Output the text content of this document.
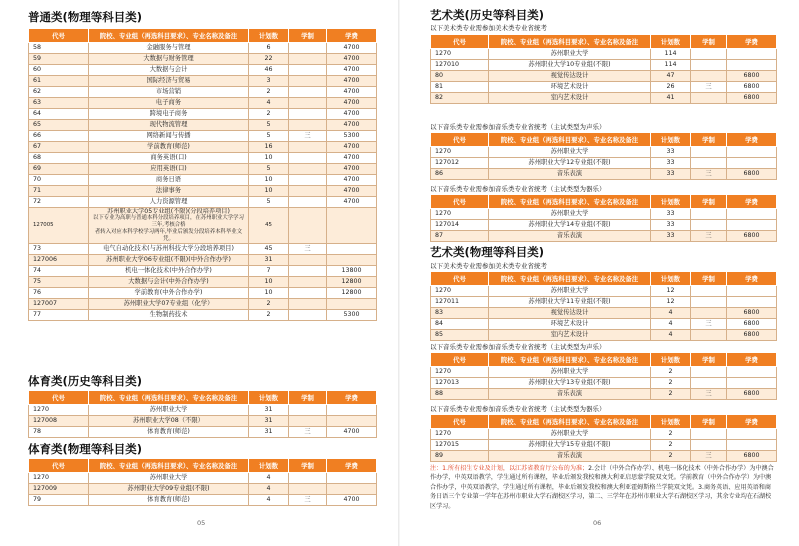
普通类(物理等科目类)
代号	院校、专业组（再选科目要求）、专业名称及备注	计划数	学制	学费
58	金融服务与管理	6		4700
59	大数据与财务管理	22		4700
60	大数据与会计	46		4700
61	国际经济与贸易	3		4700
62	市场营销	2		4700
63	电子商务	4		4700
64	跨境电子商务	2		4700
65	现代物流管理	5		4700
66	网络新闻与传播	5	三	5300
67	学前教育(师范)	16		4700
68	商务英语(口)	10		4700
69	应用英语(口)	5		4700
70	商务日语	10		4700
71	法律事务	10		4700
72	人力资源管理	5		4700
127005	苏州职业大学05专业组(不限)(分段培养项目)
以下专业为高职与普通本科分段培养项目，在苏州职业大学学习三年,考核合格
者转入对应本科学校学习两年,毕业后颁发分段培养本科毕业文凭。	45		
73	电气自动化技术(与苏州科技大学分段培养项目)	45	三	
127006	苏州职业大学06专业组(不限)(中外合作办学)	31		
74	机电一体化技术(中外合作办学)	7		13800
75	大数据与会计(中外合作办学)	10		12800
76	学前教育(中外合作办学)	10		12800
127007	苏州职业大学07专业组（化学）	2		
77	生物制药技术	2		5300
体育类(历史等科目类)
代号	院校、专业组（再选科目要求）、专业名称及备注	计划数	学制	学费
1270	苏州职业大学	31		
127008	苏州职业大学08（不限）	31		
78	体育教育(师范)	31	三	4700
体育类(物理等科目类)
代号	院校、专业组（再选科目要求）、专业名称及备注	计划数	学制	学费
1270	苏州职业大学	4		
127009	苏州职业大学09专业组(不限)	4		
79	体育教育(师范)	4	三	4700
05
艺术类(历史等科目类)
以下美术类专业需参加美术类专业省统考
代号	院校、专业组（再选科目要求）、专业名称及备注	计划数	学制	学费
1270	苏州职业大学	114		
127010	苏州职业大学10专业组(不限)	114		
80	视觉传达设计	47		6800
81	环境艺术设计	26	三	6800
82	室内艺术设计	41		6800
以下音乐类专业需参加音乐类专业省统考（主试类型为声乐）
代号	院校、专业组（再选科目要求）、专业名称及备注	计划数	学制	学费
1270	苏州职业大学	33		
127012	苏州职业大学12专业组(不限)	33		
86	音乐表演	33	三	6800
以下音乐类专业需参加音乐类专业省统考（主试类型为器乐）
代号	院校、专业组（再选科目要求）、专业名称及备注	计划数	学制	学费
1270	苏州职业大学	33		
127014	苏州职业大学14专业组(不限)	33		
87	音乐表演	33	三	6800
艺术类(物理等科目类)
以下美术类专业需参加美术类专业省统考
代号	院校、专业组（再选科目要求）、专业名称及备注	计划数	学制	学费
1270	苏州职业大学	12		
127011	苏州职业大学11专业组(不限)	12		
83	视觉传达设计	4		6800
84	环境艺术设计	4	三	6800
85	室内艺术设计	4		6800
以下音乐类专业需参加音乐类专业省统考（主试类型为声乐）
代号	院校、专业组（再选科目要求）、专业名称及备注	计划数	学制	学费
1270	苏州职业大学	2		
127013	苏州职业大学13专业组(不限)	2		
88	音乐表演	2	三	6800
以下音乐类专业需参加音乐类专业省统考（主试类型为器乐）
代号	院校、专业组（再选科目要求）、专业名称及备注	计划数	学制	学费
1270	苏州职业大学	2		
127015	苏州职业大学15专业组(不限)	2		
89	音乐表演	2	三	6800
注：1.所有招生专业及计划，以江苏省教育厅公布的为准；2.会计（中外合作办学）、机电一体化技术（中外合作办学）为中澳合作办学，中英双语教学，学生通过所有课程，毕业后颁发我校和澳大利亚启思蒙学院双文凭。学前教育（中外合作办学）为中澳合作办学，中英双语教学，学生通过所有课程，毕业后颁发我校和澳大利亚霍姆斯格兰学院双文凭。3.商务英语、应用英语和商务日语三个专业第一学年在苏州市职业大学石湖校区学习，第二、三学年在苏州市职业大学石湖校区学习，其余专业均在石湖校区学习。
06
